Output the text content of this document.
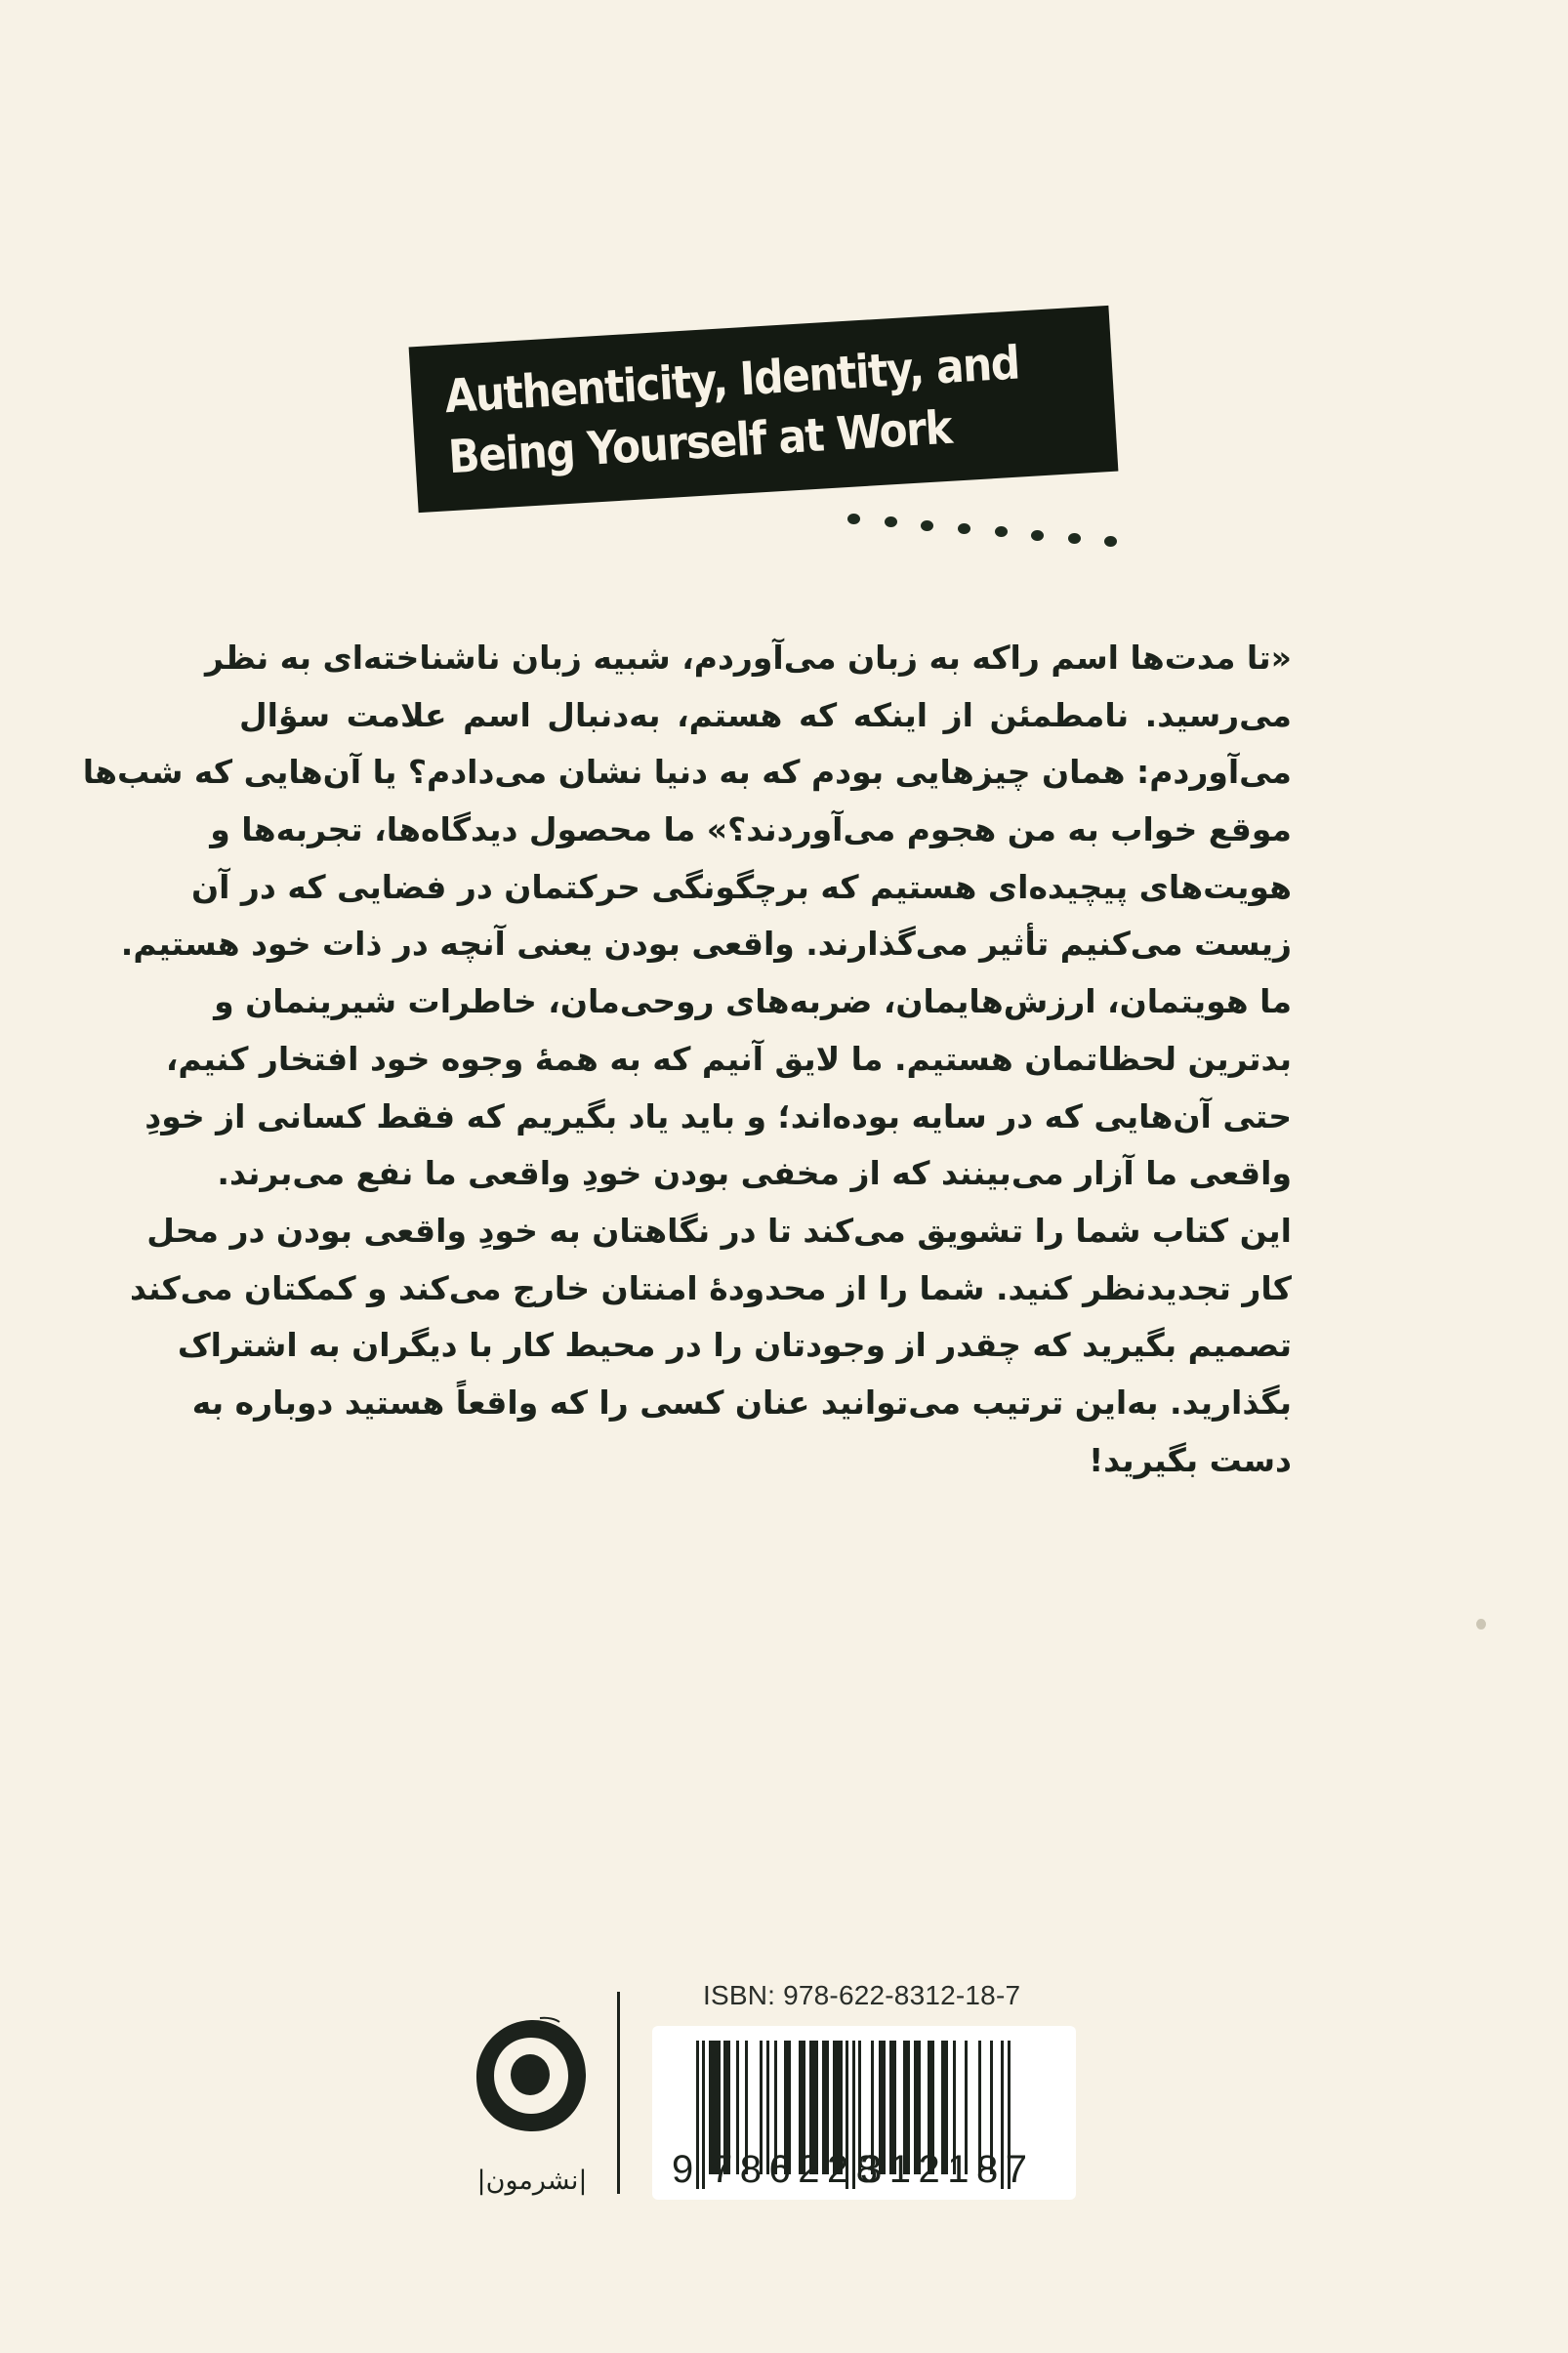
Authenticity, Identity, and
Being Yourself at Work
«تا مدت‌ها اسم راکه به زبان می‌آوردم، شبیه زبان ناشناخته‌ای به نظر
می‌رسید. نامطمئن از اینکه که هستم، به‌دنبال اسم علامت سؤال
می‌آوردم: همان چیزهایی بودم که به دنیا نشان می‌دادم؟ یا آن‌هایی که شب‌ها
موقع خواب به من هجوم می‌آوردند؟» ما محصول دیدگاه‌ها، تجربه‌ها و
هویت‌های پیچیده‌ای هستیم که برچگونگی حرکتمان در فضایی که در آن
زیست می‌کنیم تأثیر می‌گذارند. واقعی بودن یعنی آنچه در ذات خود هستیم.
ما هویتمان، ارزش‌هایمان، ضربه‌های روحی‌مان، خاطرات شیرینمان و
بدترین لحظاتمان هستیم. ما لایق آنیم که به همهٔ وجوه خود افتخار کنیم،
حتی آن‌هایی که در سایه بوده‌اند؛ و باید یاد بگیریم که فقط کسانی از خودِ
واقعی ما آزار می‌بینند که از مخفی بودن خودِ واقعی ما نفع می‌برند.
این کتاب شما را تشویق می‌کند تا در نگاهتان به خودِ واقعی بودن در محل
کار تجدیدنظر کنید. شما را از محدودهٔ امنتان خارج می‌کند و کمکتان می‌کند
تصمیم بگیرید که چقدر از وجودتان را در محیط کار با دیگران به اشتراک
بگذارید. به‌این ترتیب می‌توانید عنان کسی را که واقعاً هستید دوباره به
دست بگیرید!
|نشرمون|
ISBN: 978-622-8312-18-7
9 786228
312187
